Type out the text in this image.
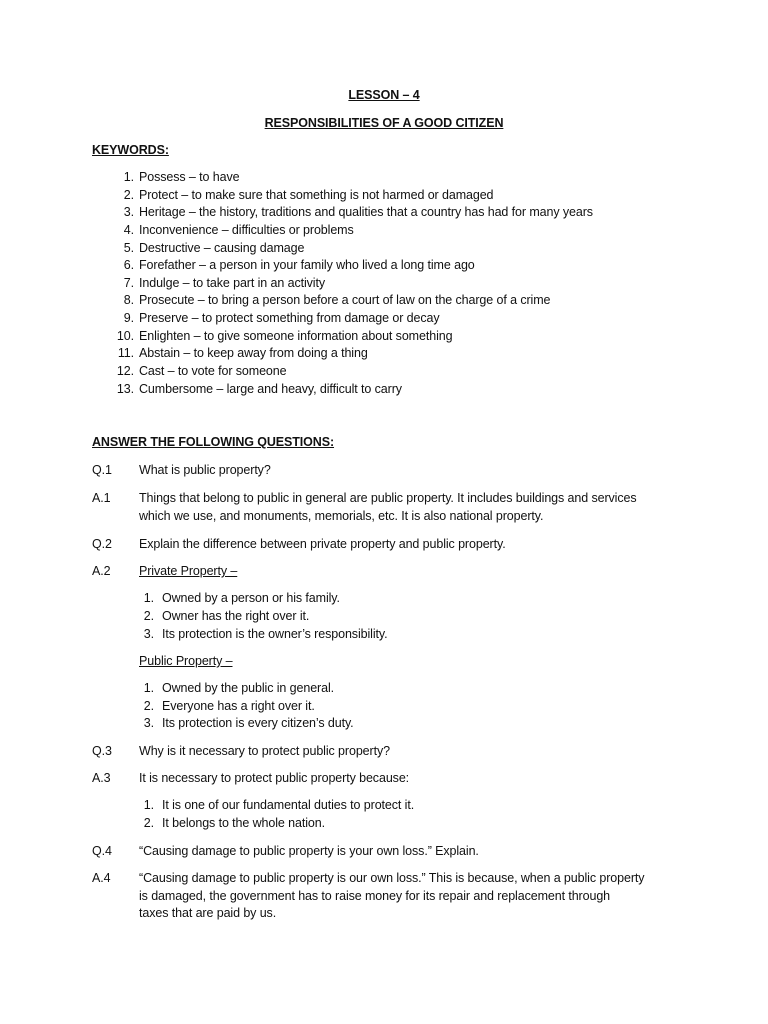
LESSON – 4
RESPONSIBILITIES OF A GOOD CITIZEN
KEYWORDS:
1. Possess – to have
2. Protect – to make sure that something is not harmed or damaged
3. Heritage – the history, traditions and qualities that a country has had for many years
4. Inconvenience – difficulties or problems
5. Destructive – causing damage
6. Forefather – a person in your family who lived a long time ago
7. Indulge – to take part in an activity
8. Prosecute – to bring a person before a court of law on the charge of a crime
9. Preserve – to protect something from damage or decay
10. Enlighten – to give someone information about something
11. Abstain – to keep away from doing a thing
12. Cast – to vote for someone
13. Cumbersome – large and heavy, difficult to carry
ANSWER THE FOLLOWING QUESTIONS:
Q.1 What is public property?
A.1 Things that belong to public in general are public property. It includes buildings and services
which we use, and monuments, memorials, etc. It is also national property.
Q.2 Explain the difference between private property and public property.
A.2 Private Property –
1. Owned by a person or his family.
2. Owner has the right over it.
3. Its protection is the owner’s responsibility.
Public Property –
1. Owned by the public in general.
2. Everyone has a right over it.
3. Its protection is every citizen’s duty.
Q.3 Why is it necessary to protect public property?
A.3 It is necessary to protect public property because:
1. It is one of our fundamental duties to protect it.
2. It belongs to the whole nation.
Q.4 “Causing damage to public property is your own loss.” Explain.
A.4 “Causing damage to public property is our own loss.” This is because, when a public property
is damaged, the government has to raise money for its repair and replacement through
taxes that are paid by us.
